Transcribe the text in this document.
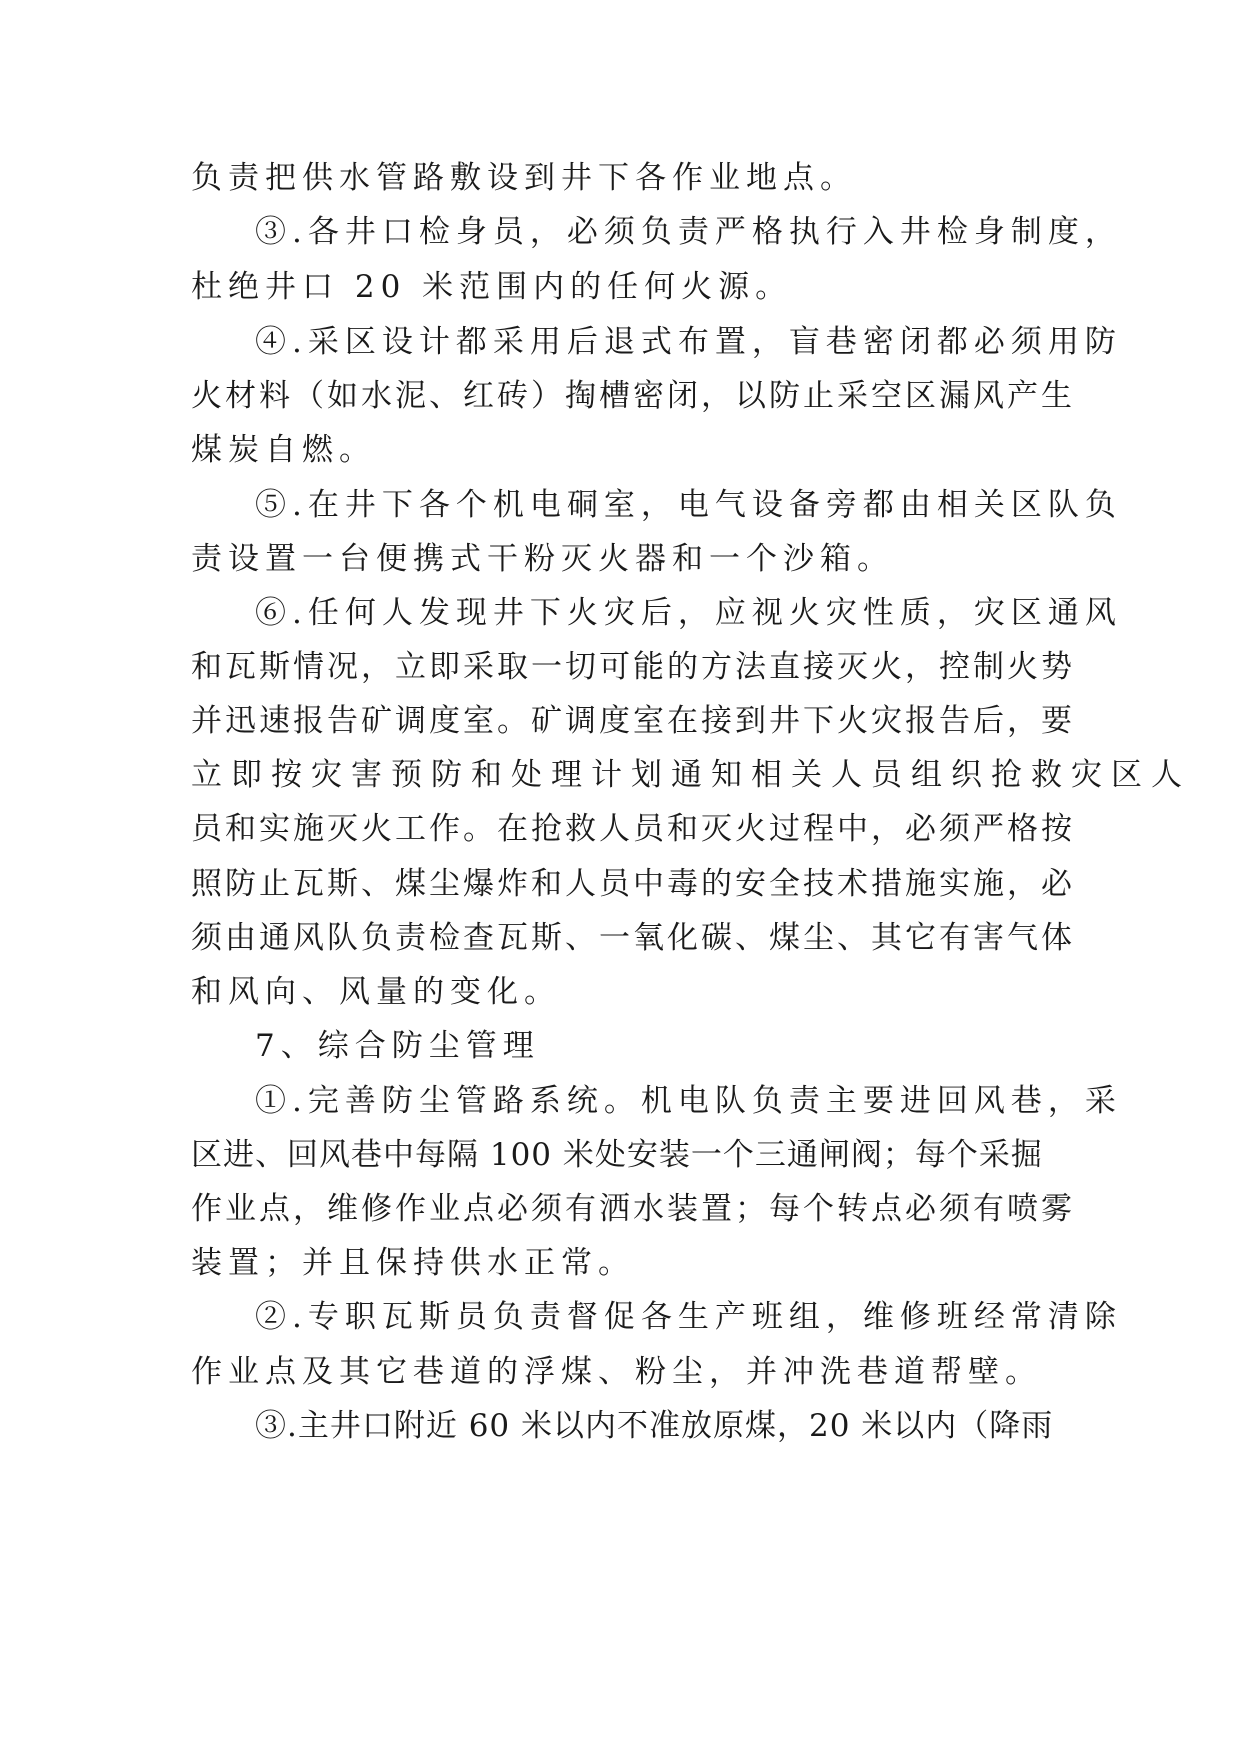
负责把供水管路敷设到井下各作业地点。

③.各井口检身员，必须负责严格执行入井检身制度，

杜绝井口 20 米范围内的任何火源。

④.采区设计都采用后退式布置，盲巷密闭都必须用防

火材料（如水泥、红砖）掏槽密闭，以防止采空区漏风产生

煤炭自燃。

⑤.在井下各个机电硐室，电气设备旁都由相关区队负

责设置一台便携式干粉灭火器和一个沙箱。

⑥.任何人发现井下火灾后，应视火灾性质，灾区通风

和瓦斯情况，立即采取一切可能的方法直接灭火，控制火势

并迅速报告矿调度室。矿调度室在接到井下火灾报告后，要

立即按灾害预防和处理计划通知相关人员组织抢救灾区人

员和实施灭火工作。在抢救人员和灭火过程中，必须严格按

照防止瓦斯、煤尘爆炸和人员中毒的安全技术措施实施，必

须由通风队负责检查瓦斯、一氧化碳、煤尘、其它有害气体

和风向、风量的变化。

7、综合防尘管理

①.完善防尘管路系统。机电队负责主要进回风巷，采

区进、回风巷中每隔 100 米处安装一个三通闸阀；每个采掘

作业点，维修作业点必须有洒水装置；每个转点必须有喷雾

装置；并且保持供水正常。

②.专职瓦斯员负责督促各生产班组，维修班经常清除

作业点及其它巷道的浮煤、粉尘，并冲洗巷道帮壁。

③.主井口附近 60 米以内不准放原煤，20 米以内（降雨
